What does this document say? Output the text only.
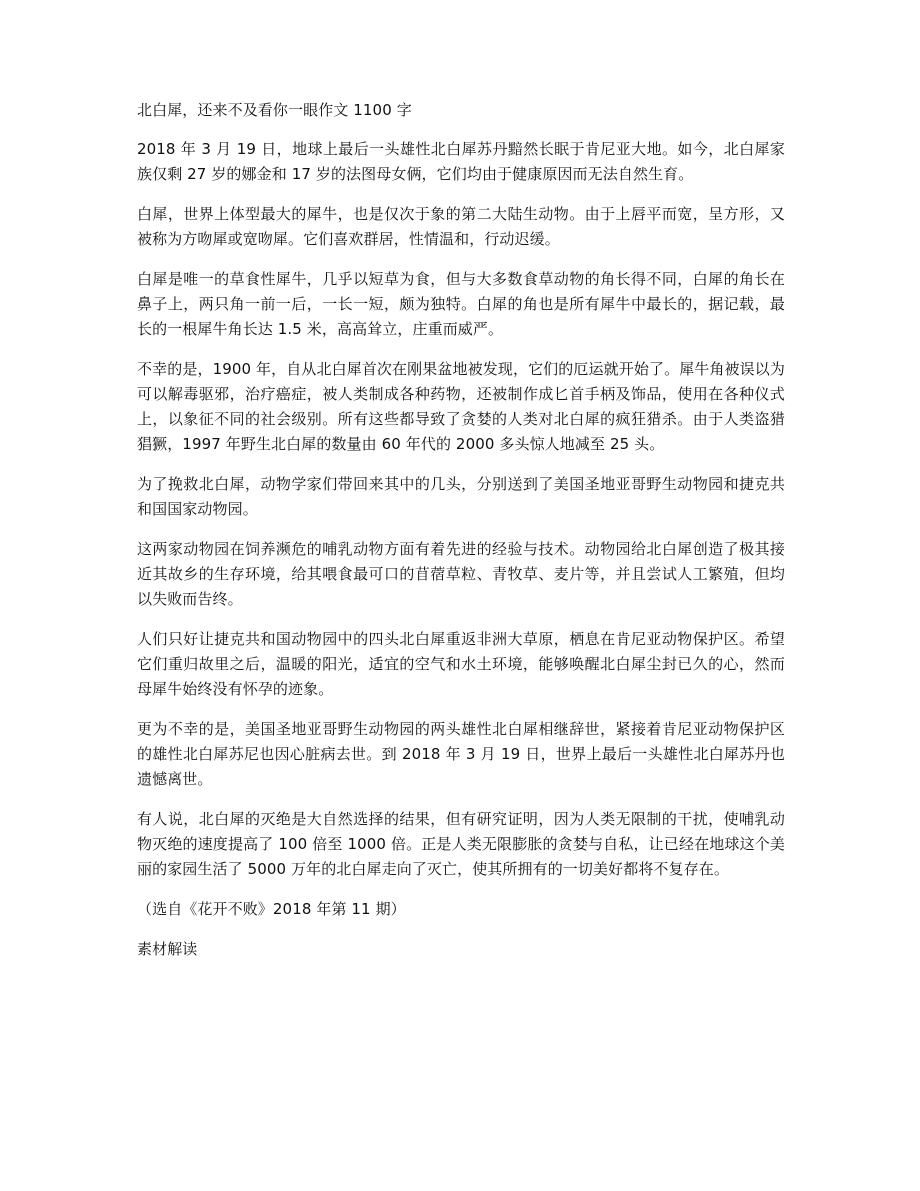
北白犀，还来不及看你一眼作文 1100 字

2018 年 3 月 19 日，地球上最后一头雄性北白犀苏丹黯然长眠于肯尼亚大地。如今，北白犀家族仅剩 27 岁的娜金和 17 岁的法图母女俩，它们均由于健康原因而无法自然生育。

白犀，世界上体型最大的犀牛，也是仅次于象的第二大陆生动物。由于上唇平而宽，呈方形，又被称为方吻犀或宽吻犀。它们喜欢群居，性情温和，行动迟缓。

白犀是唯一的草食性犀牛，几乎以短草为食，但与大多数食草动物的角长得不同，白犀的角长在鼻子上，两只角一前一后，一长一短，颇为独特。白犀的角也是所有犀牛中最长的，据记载，最长的一根犀牛角长达 1.5 米，高高耸立，庄重而威严。

不幸的是，1900 年，自从北白犀首次在刚果盆地被发现，它们的厄运就开始了。犀牛角被误以为可以解毒驱邪，治疗癌症，被人类制成各种药物，还被制作成匕首手柄及饰品，使用在各种仪式上，以象征不同的社会级别。所有这些都导致了贪婪的人类对北白犀的疯狂猎杀。由于人类盗猎猖獗，1997 年野生北白犀的数量由 60 年代的 2000 多头惊人地减至 25 头。

为了挽救北白犀，动物学家们带回来其中的几头，分别送到了美国圣地亚哥野生动物园和捷克共和国国家动物园。

这两家动物园在饲养濒危的哺乳动物方面有着先进的经验与技术。动物园给北白犀创造了极其接近其故乡的生存环境，给其喂食最可口的苜蓿草粒、青牧草、麦片等，并且尝试人工繁殖，但均以失败而告终。

人们只好让捷克共和国动物园中的四头北白犀重返非洲大草原，栖息在肯尼亚动物保护区。希望它们重归故里之后，温暖的阳光，适宜的空气和水土环境，能够唤醒北白犀尘封已久的心，然而母犀牛始终没有怀孕的迹象。

更为不幸的是，美国圣地亚哥野生动物园的两头雄性北白犀相继辞世，紧接着肯尼亚动物保护区的雄性北白犀苏尼也因心脏病去世。到 2018 年 3 月 19 日，世界上最后一头雄性北白犀苏丹也遗憾离世。

有人说，北白犀的灭绝是大自然选择的结果，但有研究证明，因为人类无限制的干扰，使哺乳动物灭绝的速度提高了 100 倍至 1000 倍。正是人类无限膨胀的贪婪与自私，让已经在地球这个美丽的家园生活了 5000 万年的北白犀走向了灭亡，使其所拥有的一切美好都将不复存在。

（选自《花开不败》2018 年第 11 期）

素材解读
